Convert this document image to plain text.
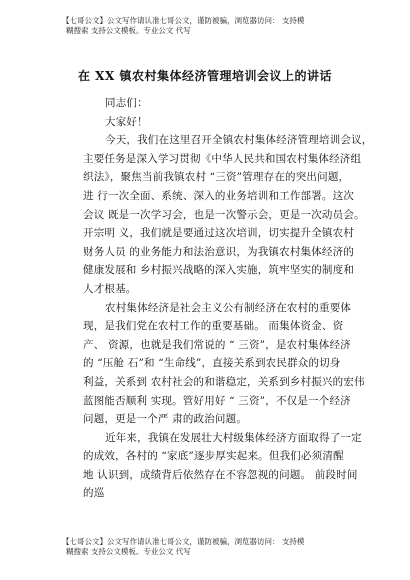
【七哥公文】公文写作请认准七哥公文，谨防被骗，浏览器访问： 支持模
糊搜索 支持公文模板。专业公文 代写
在 XX 镇农村集体经济管理培训会议上的讲话
同志们：
大家好！
今天，我们在这里召开全镇农村集体经济管理培训会议，
主要任务是深入学习贯彻《中华人民共和国农村集体经济组
织法》，聚焦当前我镇农村 “三资”管理存在的突出问题，
进 行一次全面、系统、深入的业务培训和工作部署。这次
会议 既是一次学习会，也是一次警示会，更是一次动员会。
开宗明 义，我们就是要通过这次培训，切实提升全镇农村
财务人员 的业务能力和法治意识，为我镇农村集体经济的
健康发展和 乡村振兴战略的深入实施，筑牢坚实的制度和
人才根基。
农村集体经济是社会主义公有制经济在农村的重要体
现，是我们党在农村工作的重要基础。 而集体资金、资
产、 资源，也就是我们常说的 “ 三资”，是农村集体经济
的 “压舱 石”和 “生命线”，直接关系到农民群众的切身
利益，关系到 农村社会的和谐稳定，关系到乡村振兴的宏伟
蓝图能否顺利 实现。管好用好 “ 三资”，不仅是一个经济
问题，更是一个严 肃的政治问题。
近年来，我镇在发展壮大村级集体经济方面取得了一定
的成效，各村的 “家底”逐步厚实起来。但我们必须清醒
地 认识到，成绩背后依然存在不容忽视的问题。 前段时间
的巡
【七哥公文】公文写作请认准七哥公文，谨防被骗，浏览器访问： 支持模
糊搜索 支持公文模板。专业公文 代写
